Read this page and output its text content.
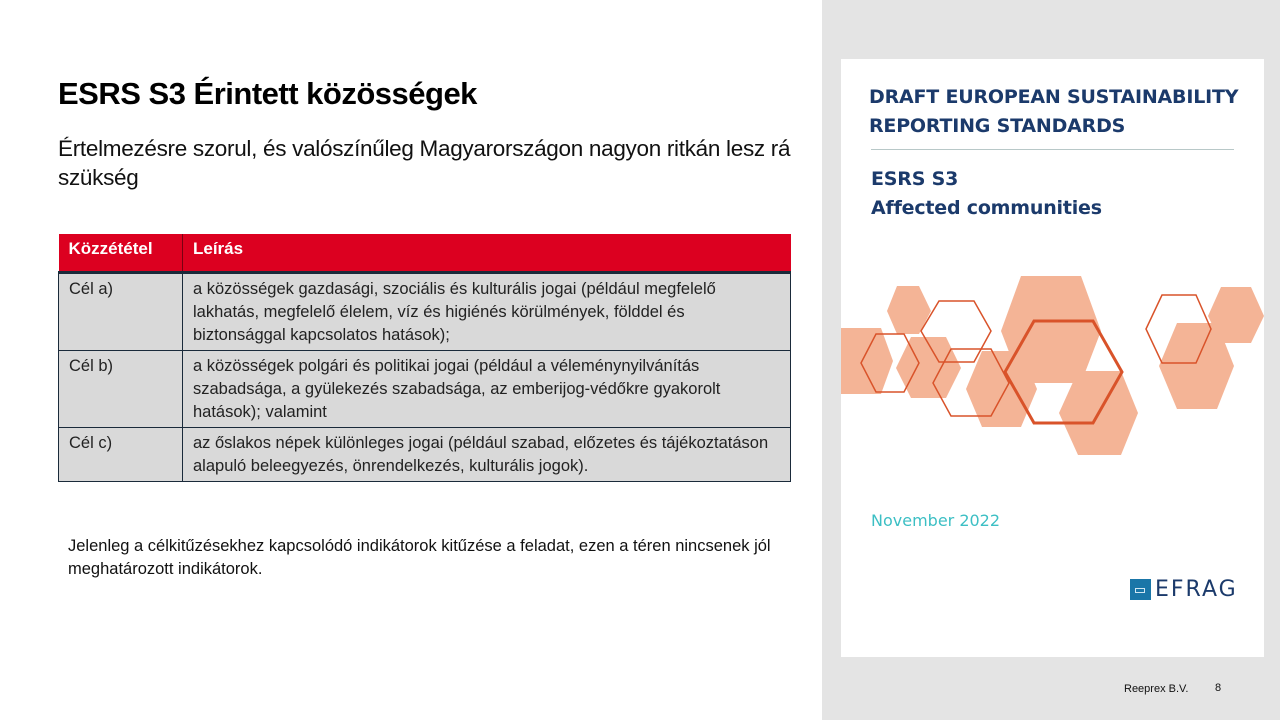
ESRS S3 Érintett közösségek

Értelmezésre szorul, és valószínűleg Magyarországon nagyon ritkán lesz rá szükség

Közzététel	Leírás
Cél a)	a közösségek gazdasági, szociális és kulturális jogai (például megfelelő lakhatás, megfelelő élelem, víz és higiénés körülmények, földdel és biztonsággal kapcsolatos hatások);
Cél b)	a közösségek polgári és politikai jogai (például a véleménynyilvánítás szabadsága, a gyülekezés szabadsága, az emberijog-védőkre gyakorolt hatások); valamint
Cél c)	az őslakos népek különleges jogai (például szabad, előzetes és tájékoztatáson alapuló beleegyezés, önrendelkezés, kulturális jogok).

Jelenleg a célkitűzésekhez kapcsolódó indikátorok kitűzése a feladat, ezen a téren nincsenek jól meghatározott indikátorok.

DRAFT EUROPEAN SUSTAINABILITY
REPORTING STANDARDS
ESRS S3
Affected communities
November 2022
EFRAG
Reeprex B.V. 8
